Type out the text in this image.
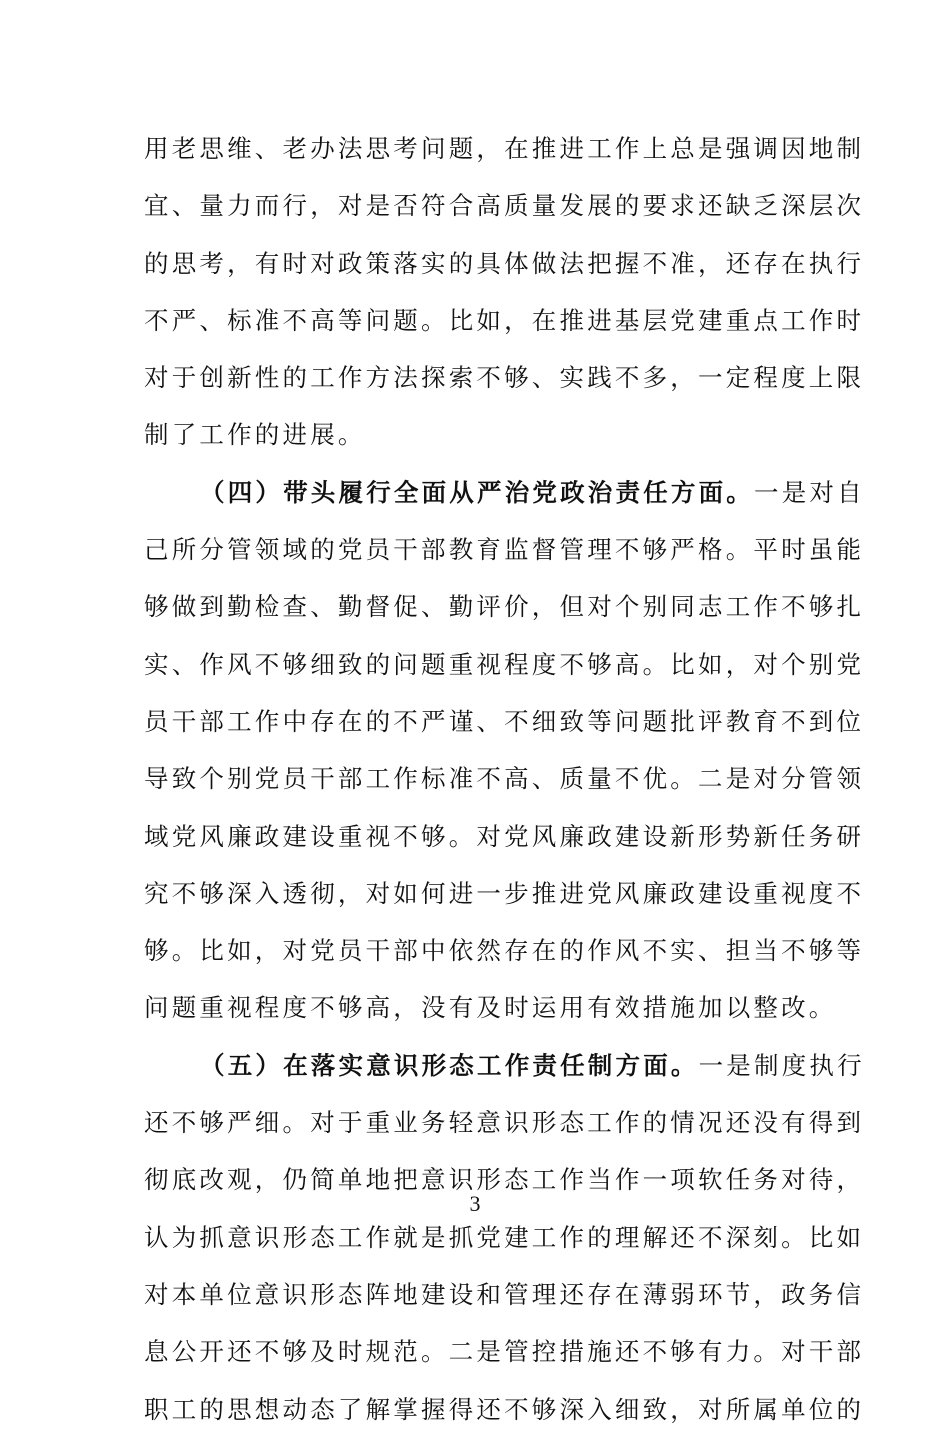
用老思维、老办法思考问题，在推进工作上总是强调因地制
宜、量力而行，对是否符合高质量发展的要求还缺乏深层次
的思考，有时对政策落实的具体做法把握不准，还存在执行
不严、标准不高等问题。比如，在推进基层党建重点工作时
对于创新性的工作方法探索不够、实践不多，一定程度上限
制了工作的进展。
（四）带头履行全面从严治党政治责任方面。一是对自
己所分管领域的党员干部教育监督管理不够严格。平时虽能
够做到勤检查、勤督促、勤评价，但对个别同志工作不够扎
实、作风不够细致的问题重视程度不够高。比如，对个别党
员干部工作中存在的不严谨、不细致等问题批评教育不到位
导致个别党员干部工作标准不高、质量不优。二是对分管领
域党风廉政建设重视不够。对党风廉政建设新形势新任务研
究不够深入透彻，对如何进一步推进党风廉政建设重视度不
够。比如，对党员干部中依然存在的作风不实、担当不够等
问题重视程度不够高，没有及时运用有效措施加以整改。
（五）在落实意识形态工作责任制方面。一是制度执行
还不够严细。对于重业务轻意识形态工作的情况还没有得到
彻底改观，仍简单地把意识形态工作当作一项软任务对待，
认为抓意识形态工作就是抓党建工作的理解还不深刻。比如
对本单位意识形态阵地建设和管理还存在薄弱环节，政务信
息公开还不够及时规范。二是管控措施还不够有力。对干部
职工的思想动态了解掌握得还不够深入细致，对所属单位的
3
